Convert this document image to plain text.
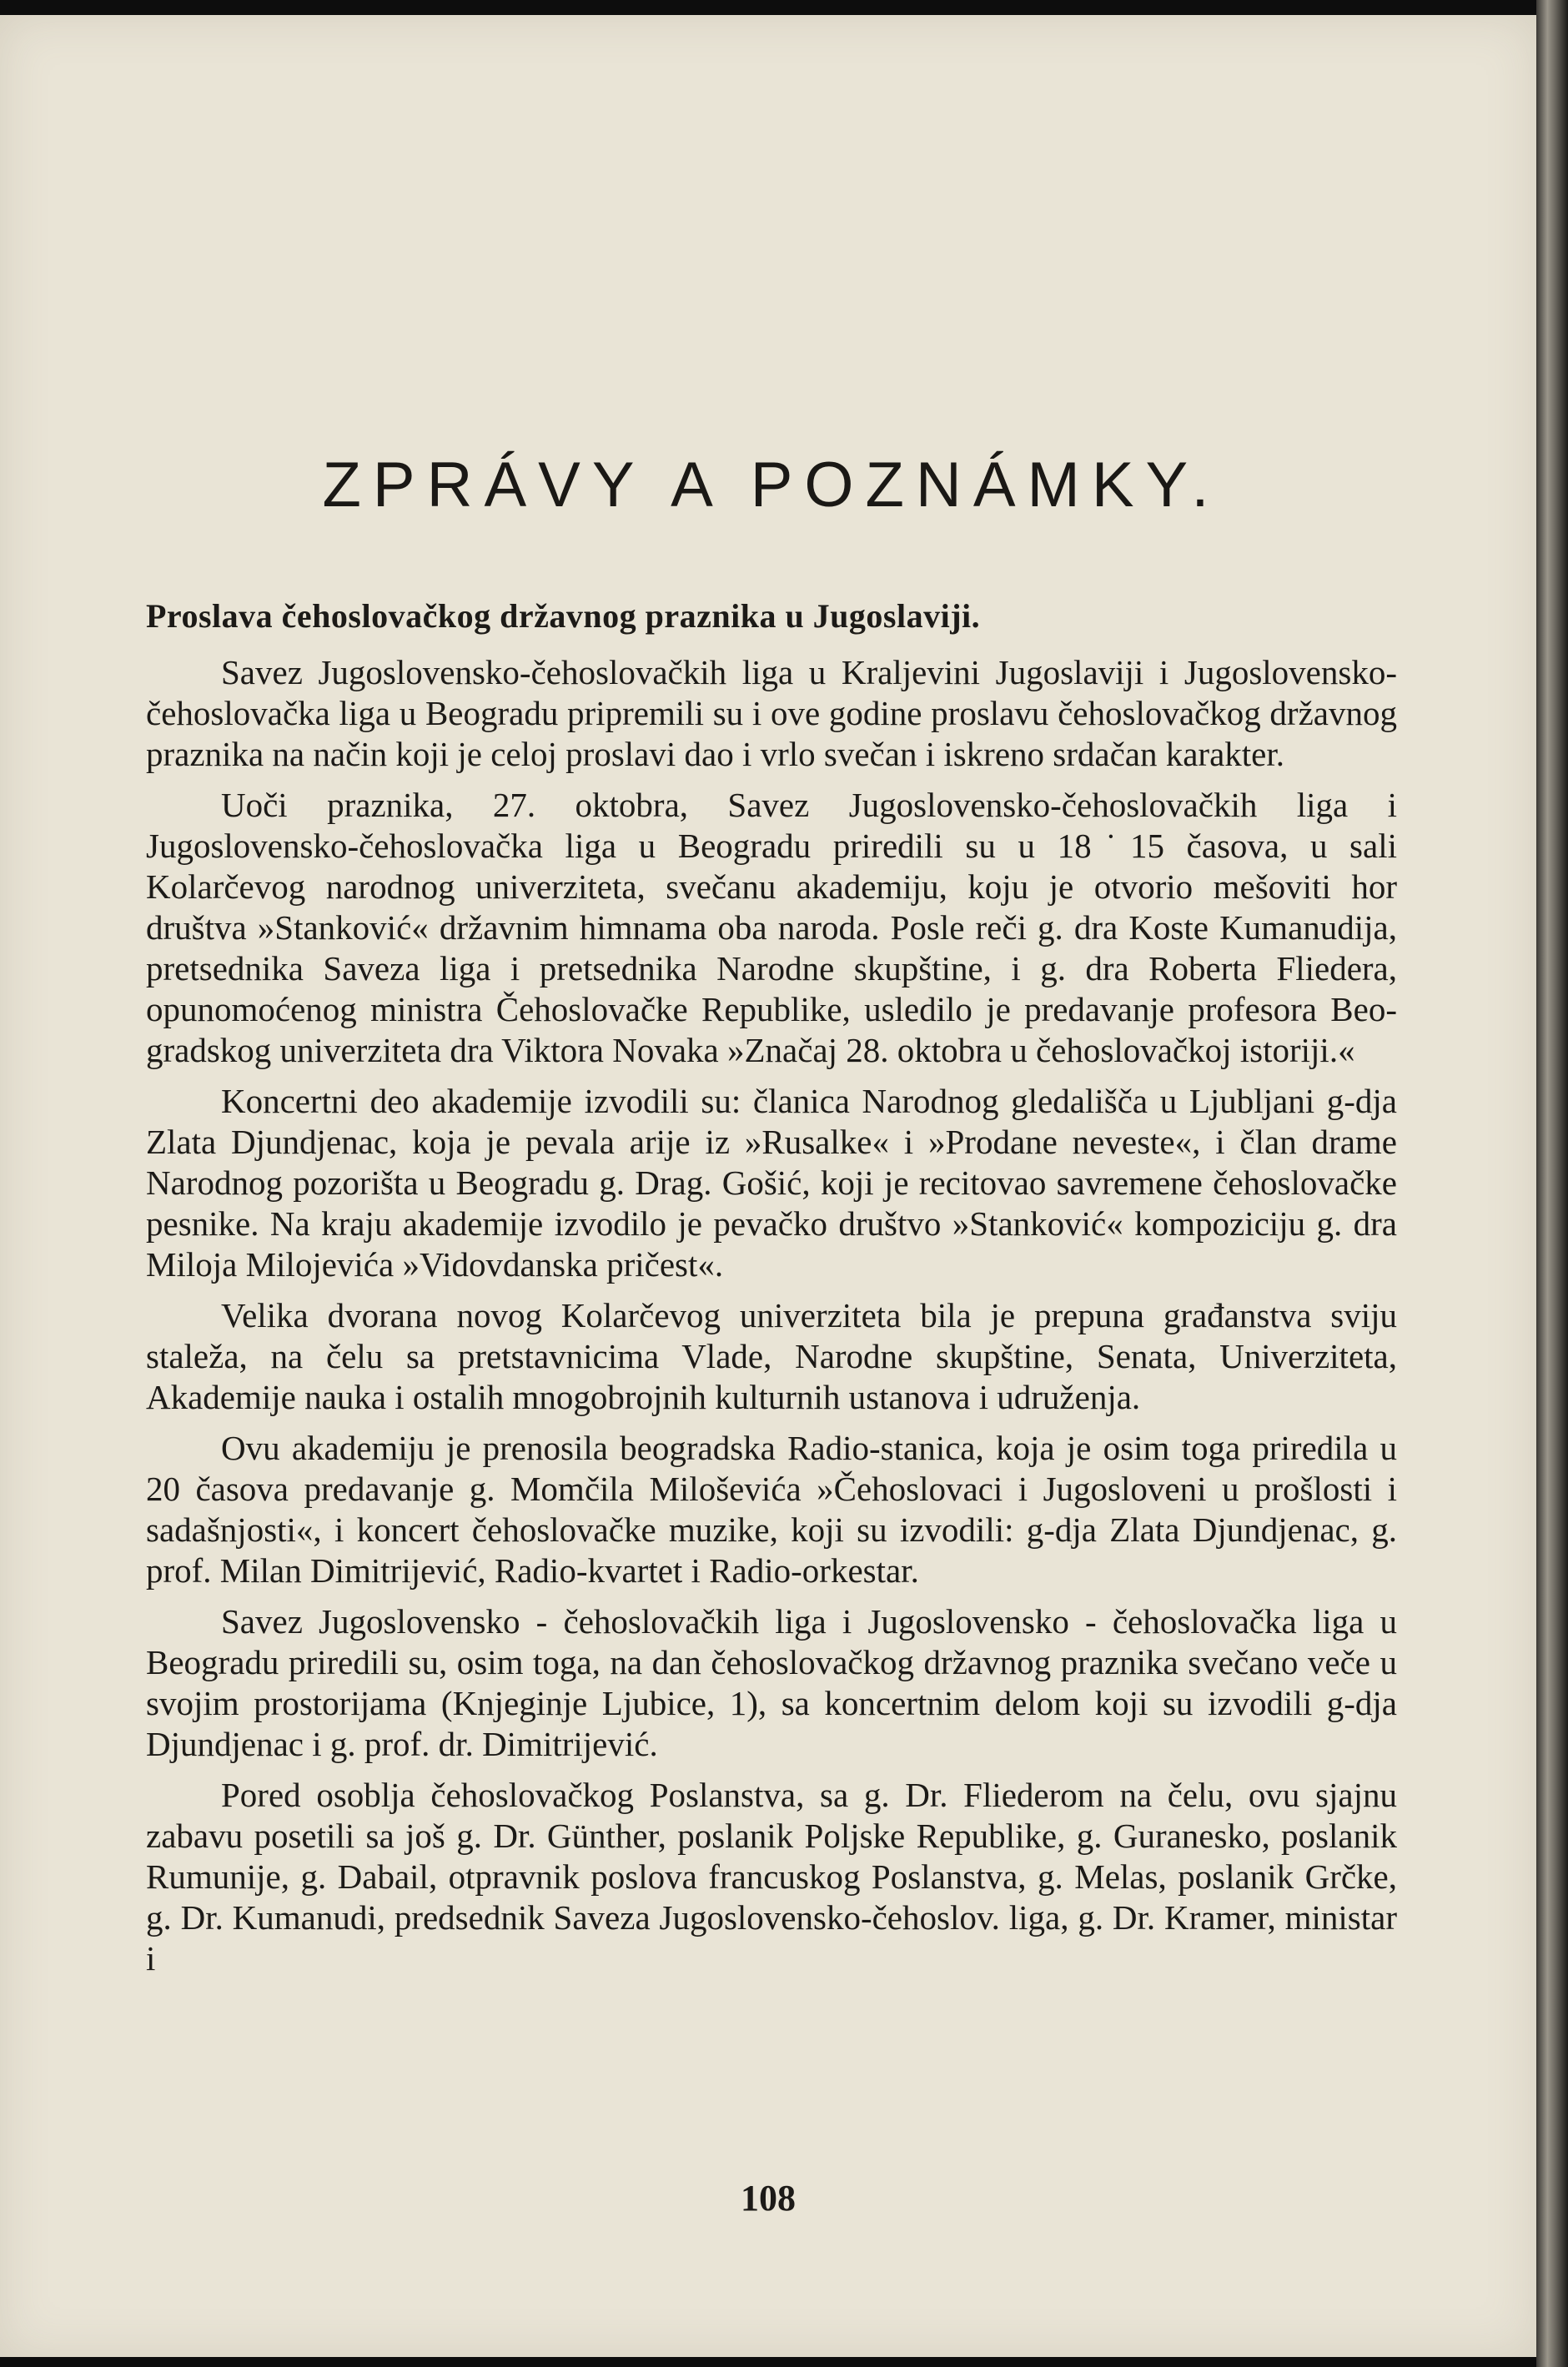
ZPRÁVY A POZNÁMKY.
Proslava čehoslovačkog državnog praznika u Jugoslaviji.

Savez Jugoslovensko-čehoslovačkih liga u Kraljevini Jugoslaviji i Jugoslovensko-čehoslovačka liga u Beogradu pripremili su i ove godine proslavu čehoslovačkog državnog praznika na način koji je celoj proslavi dao i vrlo svečan i iskreno srdačan karakter.

Uoči praznika, 27. oktobra, Savez Jugoslovensko-čehoslovačkih liga i Jugoslovensko-čehoslovačka liga u Beogradu priredili su u 18˙15 časova, u sali Kolarčevog narodnog univerziteta, svečanu akademiju, koju je otvorio mešoviti hor društva »Stanković« državnim himnama oba naroda. Posle reči g. dra Koste Kumanudija, pretsednika Saveza liga i pretsednika Narodne skupštine, i g. dra Roberta Fliedera, opunomoćenog ministra Čehoslovačke Republike, usledilo je predavanje profesora Beogradskog univerziteta dra Viktora Novaka »Značaj 28. oktobra u čehoslovačkoj istoriji.«

Koncertni deo akademije izvodili su: članica Narodnog gledališča u Ljubljani g-dja Zlata Djundjenac, koja je pevala arije iz »Rusalke« i »Prodane neveste«, i član drame Narodnog pozorišta u Beogradu g. Drag. Gošić, koji je recitovao savremene čehoslovačke pesnike. Na kraju akademije izvodilo je pevačko društvo »Stanković« kompoziciju g. dra Miloja Milojevića »Vidovdanska pričest«.

Velika dvorana novog Kolarčevog univerziteta bila je prepuna građanstva sviju staleža, na čelu sa pretstavnicima Vlade, Narodne skupštine, Senata, Univerziteta, Akademije nauka i ostalih mnogobrojnih kulturnih ustanova i udruženja.

Ovu akademiju je prenosila beogradska Radio-stanica, koja je osim toga priredila u 20 časova predavanje g. Momčila Miloševića »Čehoslovaci i Jugosloveni u prošlosti i sadašnjosti«, i koncert čehoslovačke muzike, koji su izvodili: g-dja Zlata Djundjenac, g. prof. Milan Dimitrijević, Radio-kvartet i Radio-orkestar.

Savez Jugoslovensko - čehoslovačkih liga i Jugoslovensko - čehoslovačka liga u Beogradu priredili su, osim toga, na dan čehoslovačkog državnog praznika svečano veče u svojim prostorijama (Knjeginje Ljubice, 1), sa koncertnim delom koji su izvodili g-dja Djundjenac i g. prof. dr. Dimitrijević.

Pored osoblja čehoslovačkog Poslanstva, sa g. Dr. Fliederom na čelu, ovu sjajnu zabavu posetili sa još g. Dr. Günther, poslanik Poljske Republike, g. Guranesko, poslanik Rumunije, g. Dabail, otpravnik poslova francuskog Poslanstva, g. Melas, poslanik Grčke, g. Dr. Kumanudi, predsednik Saveza Jugoslovensko-čehoslov. liga, g. Dr. Kramer, ministar i

108
